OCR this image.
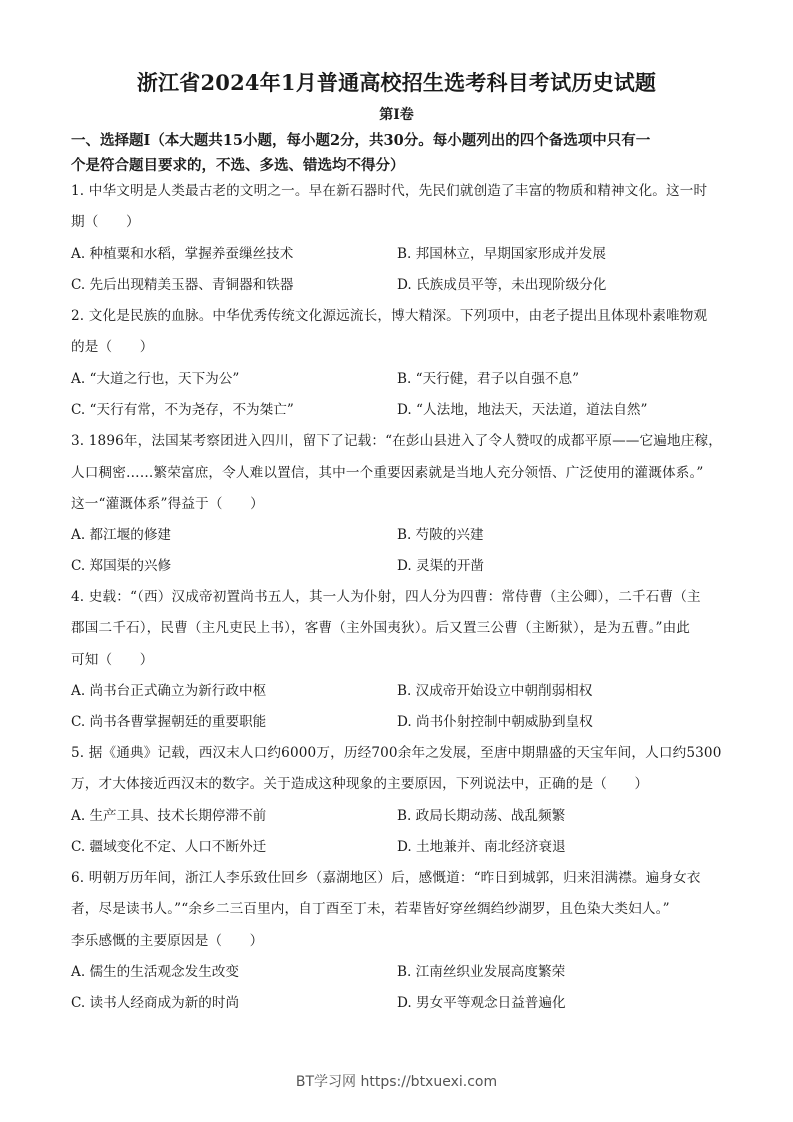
浙江省2024年1月普通高校招生选考科目考试历史试题
第Ⅰ卷
一、选择题Ⅰ（本大题共15小题，每小题2分，共30分。每小题列出的四个备选项中只有一
个是符合题目要求的，不选、多选、错选均不得分）
1. 中华文明是人类最古老的文明之一。早在新石器时代，先民们就创造了丰富的物质和精神文化。这一时
期（　　）
A. 种植粟和水稻，掌握养蚕缫丝技术	B. 邦国林立，早期国家形成并发展
C. 先后出现精美玉器、青铜器和铁器	D. 氏族成员平等，未出现阶级分化
2. 文化是民族的血脉。中华优秀传统文化源远流长，博大精深。下列项中，由老子提出且体现朴素唯物观
的是（　　）
A. “大道之行也，天下为公”	B. “天行健，君子以自强不息”
C. “天行有常，不为尧存，不为桀亡”	D. “人法地，地法天，天法道，道法自然”
3. 1896年，法国某考察团进入四川，留下了记载：“在彭山县进入了令人赞叹的成都平原——它遍地庄稼，
人口稠密……繁荣富庶，令人难以置信，其中一个重要因素就是当地人充分领悟、广泛使用的灌溉体系。”
这一“灌溉体系”得益于（　　）
A. 都江堰的修建	B. 芍陂的兴建
C. 郑国渠的兴修	D. 灵渠的开凿
4. 史载：“（西）汉成帝初置尚书五人，其一人为仆射，四人分为四曹：常侍曹（主公卿），二千石曹（主
郡国二千石），民曹（主凡吏民上书），客曹（主外国夷狄）。后又置三公曹（主断狱），是为五曹。”由此
可知（　　）
A. 尚书台正式确立为新行政中枢	B. 汉成帝开始设立中朝削弱相权
C. 尚书各曹掌握朝廷的重要职能	D. 尚书仆射控制中朝威胁到皇权
5. 据《通典》记载，西汉末人口约6000万，历经700余年之发展，至唐中期鼎盛的天宝年间，人口约5300
万，才大体接近西汉末的数字。关于造成这种现象的主要原因，下列说法中，正确的是（　　）
A. 生产工具、技术长期停滞不前	B. 政局长期动荡、战乱频繁
C. 疆域变化不定、人口不断外迁	D. 土地兼并、南北经济衰退
6. 明朝万历年间，浙江人李乐致仕回乡（嘉湖地区）后，感慨道：“昨日到城郭，归来泪满襟。遍身女衣
者，尽是读书人。”“余乡二三百里内，自丁酉至丁未，若辈皆好穿丝绸绉纱湖罗，且色染大类妇人。”
李乐感慨的主要原因是（　　）
A. 儒生的生活观念发生改变	B. 江南丝织业发展高度繁荣
C. 读书人经商成为新的时尚	D. 男女平等观念日益普遍化
BT学习网 https://btxuexi.com
